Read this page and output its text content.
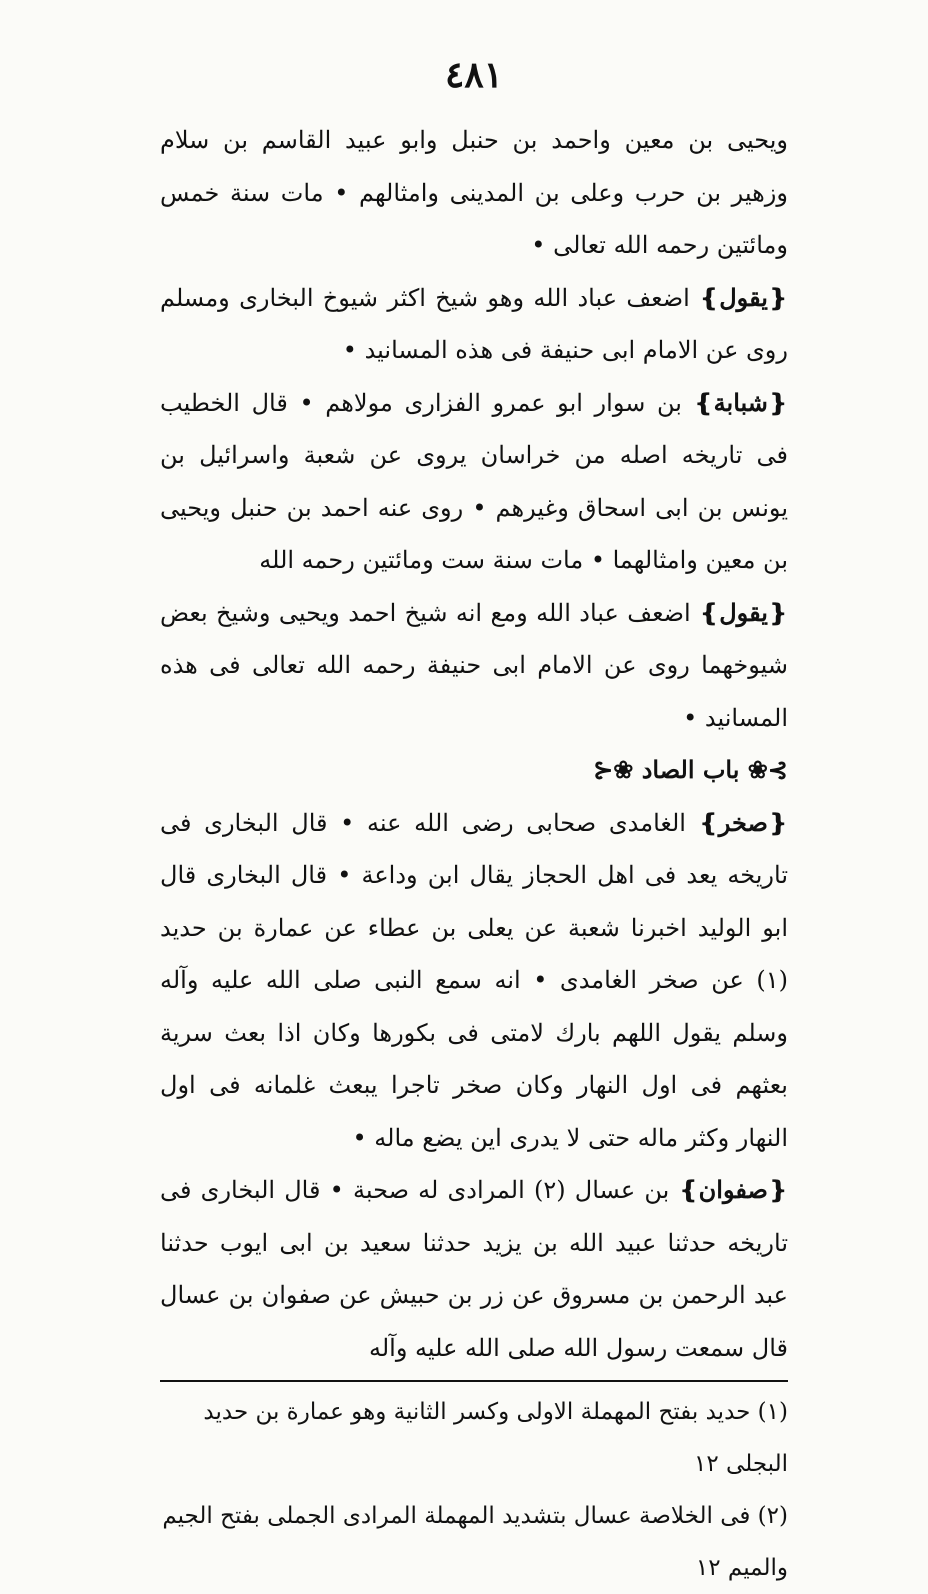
٤٨١

ويحيى بن معين واحمد بن حنبل وابو عبيد القاسم بن سلام وزهير بن حرب وعلى بن المدينى وامثالهم • مات سنة خمس ومائتين رحمه الله تعالى •

❴يقول❵ اضعف عباد الله وهو شيخ اكثر شيوخ البخارى ومسلم روى عن الامام ابى حنيفة فى هذه المسانيد •

❴شبابة❵ بن سوار ابو عمرو الفزارى مولاهم • قال الخطيب فى تاريخه اصله من خراسان يروى عن شعبة واسرائيل بن يونس بن ابى اسحاق وغيرهم • روى عنه احمد بن حنبل ويحيى بن معين وامثالهما • مات سنة ست ومائتين رحمه الله

❴يقول❵ اضعف عباد الله ومع انه شيخ احمد ويحيى وشيخ بعض شيوخهما روى عن الامام ابى حنيفة رحمه الله تعالى فى هذه المسانيد •

⊱❀ باب الصاد ❀⊰

❴صخر❵ الغامدى صحابى رضى الله عنه • قال البخارى فى تاريخه يعد فى اهل الحجاز يقال ابن وداعة • قال البخارى قال ابو الوليد اخبرنا شعبة عن يعلى بن عطاء عن عمارة بن حديد (١) عن صخر الغامدى • انه سمع النبى صلى الله عليه وآله وسلم يقول اللهم بارك لامتى فى بكورها وكان اذا بعث سرية بعثهم فى اول النهار وكان صخر تاجرا يبعث غلمانه فى اول النهار وكثر ماله حتى لا يدرى اين يضع ماله •

❴صفوان❵ بن عسال (٢) المرادى له صحبة • قال البخارى فى تاريخه حدثنا عبيد الله بن يزيد حدثنا سعيد بن ابى ايوب حدثنا عبد الرحمن بن مسروق عن زر بن حبيش عن صفوان بن عسال قال سمعت رسول الله صلى الله عليه وآله

(١) حديد بفتح المهملة الاولى وكسر الثانية وهو عمارة بن حديد البجلى ١٢

(٢) فى الخلاصة عسال بتشديد المهملة المرادى الجملى بفتح الجيم والميم ١٢
